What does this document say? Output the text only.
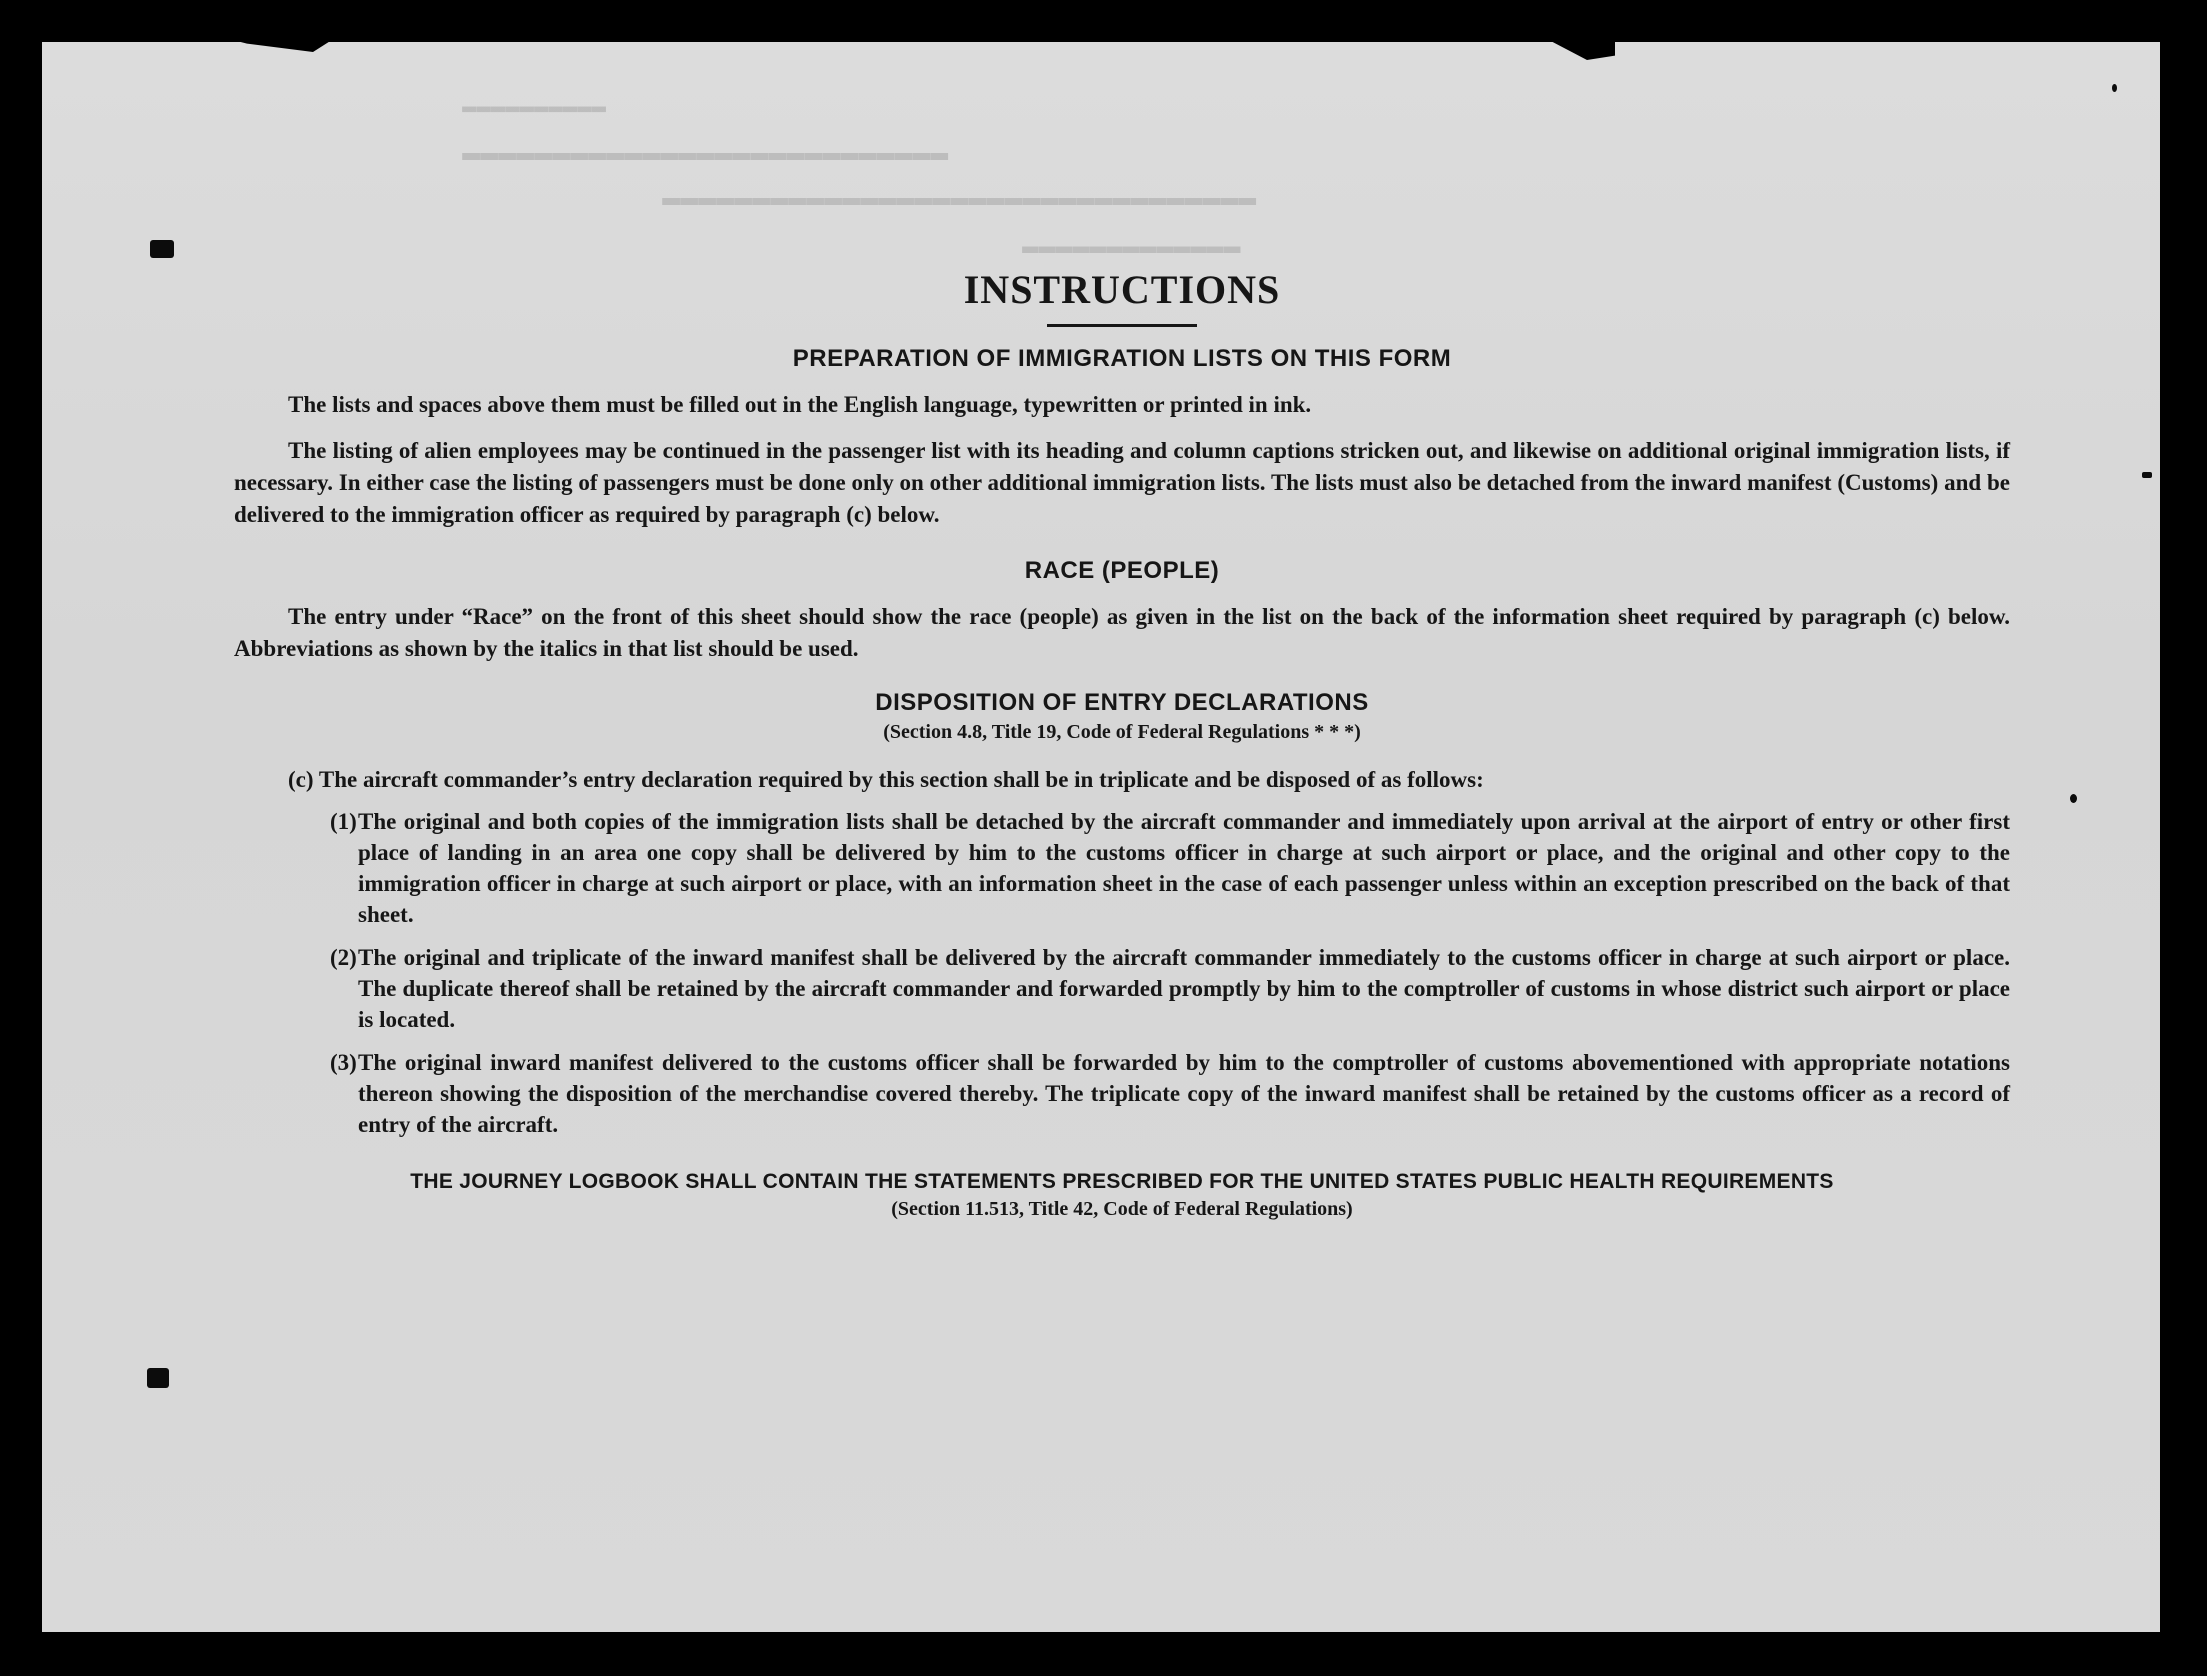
▬▬▬▬▬▬▬▬▬▬
▬▬▬▬▬▬▬▬▬▬▬▬▬▬▬▬▬▬▬▬▬▬▬▬▬▬▬
▬▬▬▬▬▬▬▬▬▬▬▬▬▬▬▬▬▬▬▬▬▬▬▬▬▬▬▬▬▬▬▬▬
▬▬▬▬▬▬▬▬▬▬▬▬▬
INSTRUCTIONS
PREPARATION OF IMMIGRATION LISTS ON THIS FORM

The lists and spaces above them must be filled out in the English language, typewritten or printed in ink.

The listing of alien employees may be continued in the passenger list with its heading and column captions stricken out, and likewise on additional original immigration lists, if necessary. In either case the listing of passengers must be done only on other additional immigration lists. The lists must also be detached from the inward manifest (Customs) and be delivered to the immigration officer as required by paragraph (c) below.

RACE (PEOPLE)

The entry under “Race” on the front of this sheet should show the race (people) as given in the list on the back of the information sheet required by paragraph (c) below. Abbreviations as shown by the italics in that list should be used.

DISPOSITION OF ENTRY DECLARATIONS
(Section 4.8, Title 19, Code of Federal Regulations * * *)
(c) The aircraft commander’s entry declaration required by this section shall be in triplicate and be disposed of as follows:
(1) The original and both copies of the immigration lists shall be detached by the aircraft commander and immediately upon arrival at the airport of entry or other first place of landing in an area one copy shall be delivered by him to the customs officer in charge at such airport or place, and the original and other copy to the immigration officer in charge at such airport or place, with an information sheet in the case of each passenger unless within an exception prescribed on the back of that sheet.
(2) The original and triplicate of the inward manifest shall be delivered by the aircraft commander immediately to the customs officer in charge at such airport or place. The duplicate thereof shall be retained by the aircraft commander and forwarded promptly by him to the comptroller of customs in whose district such airport or place is located.
(3) The original inward manifest delivered to the customs officer shall be forwarded by him to the comptroller of customs abovementioned with appropriate notations thereon showing the disposition of the merchandise covered thereby. The triplicate copy of the inward manifest shall be retained by the customs officer as a record of entry of the aircraft.
THE JOURNEY LOGBOOK SHALL CONTAIN THE STATEMENTS PRESCRIBED FOR THE UNITED STATES PUBLIC HEALTH REQUIREMENTS
(Section 11.513, Title 42, Code of Federal Regulations)
